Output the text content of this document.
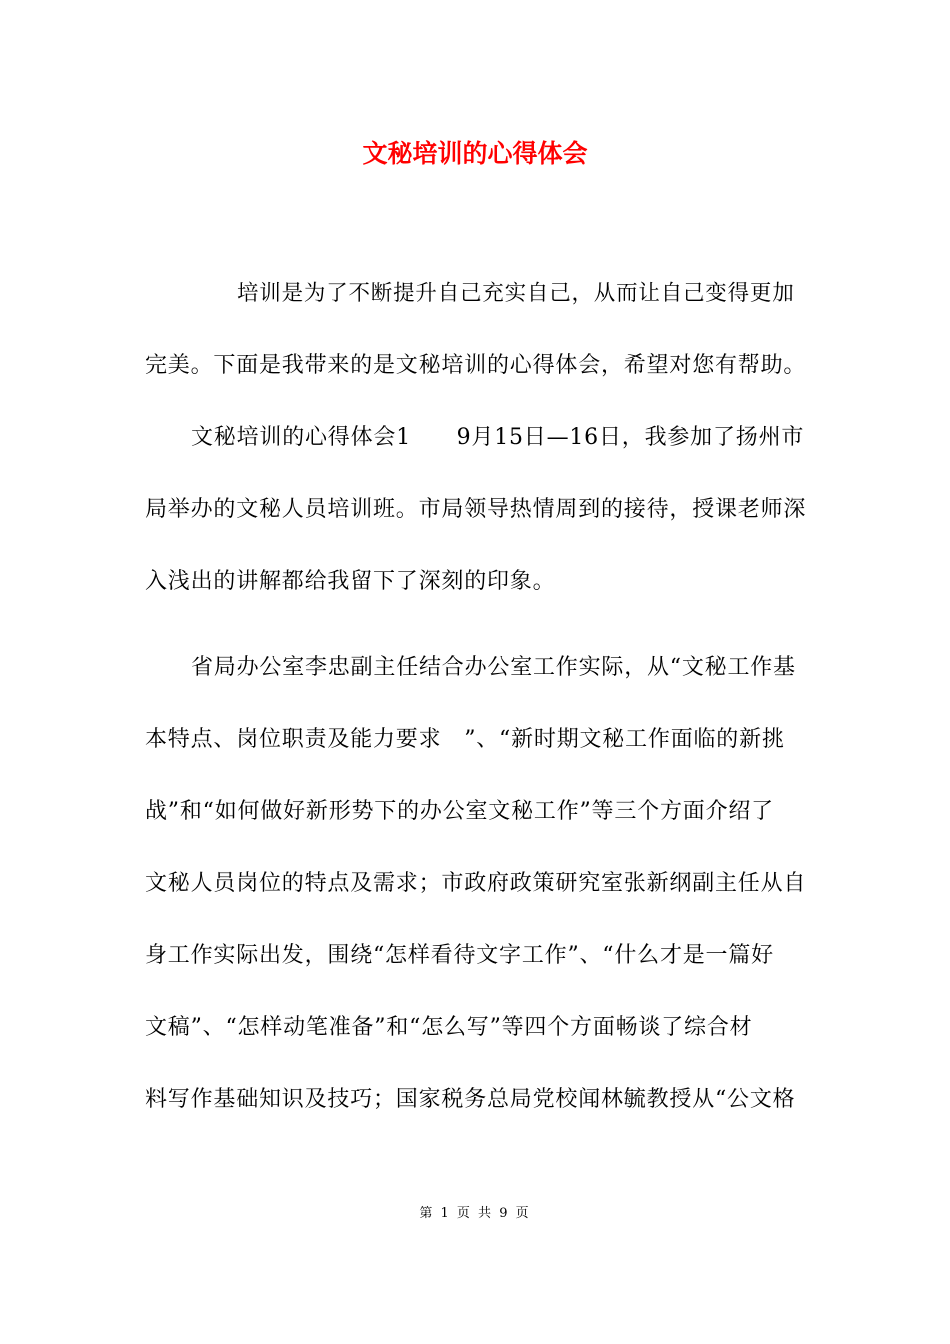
文秘培训的心得体会
培训是为了不断提升自己充实自己，从而让自己变得更加
完美。下面是我带来的是文秘培训的心得体会，希望对您有帮助。
文秘培训的心得体会1　　9月15日—16日，我参加了扬州市
局举办的文秘人员培训班。市局领导热情周到的接待，授课老师深
入浅出的讲解都给我留下了深刻的印象。
省局办公室李忠副主任结合办公室工作实际，从“文秘工作基
本特点、岗位职责及能力要求　”、“新时期文秘工作面临的新挑
战”和“如何做好新形势下的办公室文秘工作”等三个方面介绍了
文秘人员岗位的特点及需求；市政府政策研究室张新纲副主任从自
身工作实际出发，围绕“怎样看待文字工作”、“什么才是一篇好
文稿”、“怎样动笔准备”和“怎么写”等四个方面畅谈了综合材
料写作基础知识及技巧；国家税务总局党校闻林毓教授从“公文格
第 1 页 共 9 页
